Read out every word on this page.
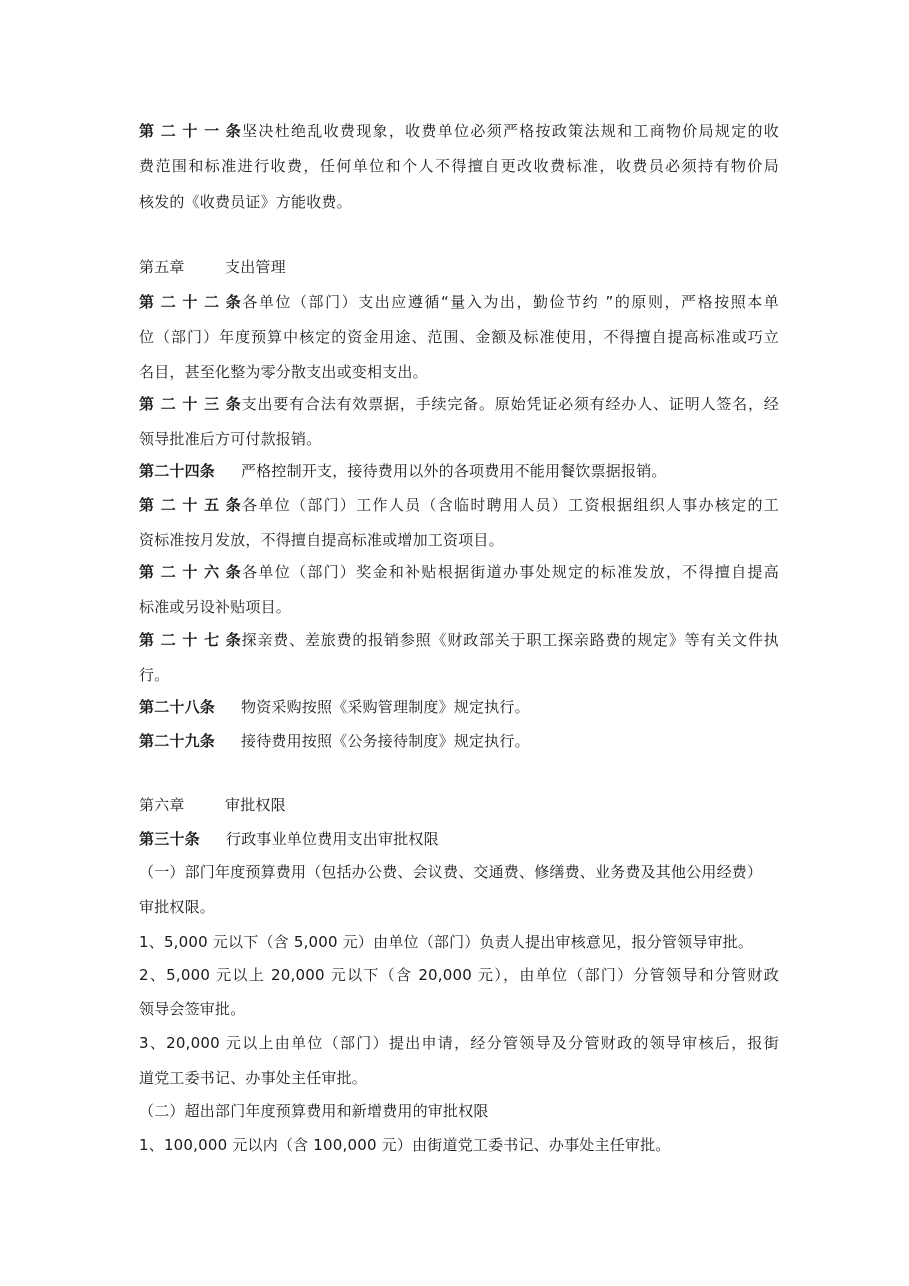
第二十一条坚决杜绝乱收费现象，收费单位必须严格按政策法规和工商物价局规定的收
费范围和标准进行收费，任何单位和个人不得擅自更改收费标准，收费员必须持有物价局
核发的《收费员证》方能收费。
第五章	支出管理
第二十二条各单位（部门）支出应遵循“量入为出，勤俭节约 ”的原则，严格按照本单
位（部门）年度预算中核定的资金用途、范围、金额及标准使用，不得擅自提高标准或巧立
名目，甚至化整为零分散支出或变相支出。
第二十三条支出要有合法有效票据，手续完备。原始凭证必须有经办人、证明人签名，经
领导批准后方可付款报销。
第二十四条 严格控制开支，接待费用以外的各项费用不能用餐饮票据报销。
第二十五条各单位（部门）工作人员（含临时聘用人员）工资根据组织人事办核定的工
资标准按月发放，不得擅自提高标准或增加工资项目。
第二十六条各单位（部门）奖金和补贴根据街道办事处规定的标准发放，不得擅自提高
标准或另设补贴项目。
第二十七条探亲费、差旅费的报销参照《财政部关于职工探亲路费的规定》等有关文件执
行。
第二十八条 物资采购按照《采购管理制度》规定执行。
第二十九条 接待费用按照《公务接待制度》规定执行。
第六章	审批权限
第三十条 行政事业单位费用支出审批权限
（一）部门年度预算费用（包括办公费、会议费、交通费、修缮费、业务费及其他公用经费）
审批权限。
1、5,000 元以下（含 5,000 元）由单位（部门）负责人提出审核意见，报分管领导审批。
2、5,000 元以上 20,000 元以下（含 20,000 元），由单位（部门）分管领导和分管财政
领导会签审批。
3、20,000 元以上由单位（部门）提出申请，经分管领导及分管财政的领导审核后，报街
道党工委书记、办事处主任审批。
（二）超出部门年度预算费用和新增费用的审批权限
1、100,000 元以内（含 100,000 元）由街道党工委书记、办事处主任审批。
